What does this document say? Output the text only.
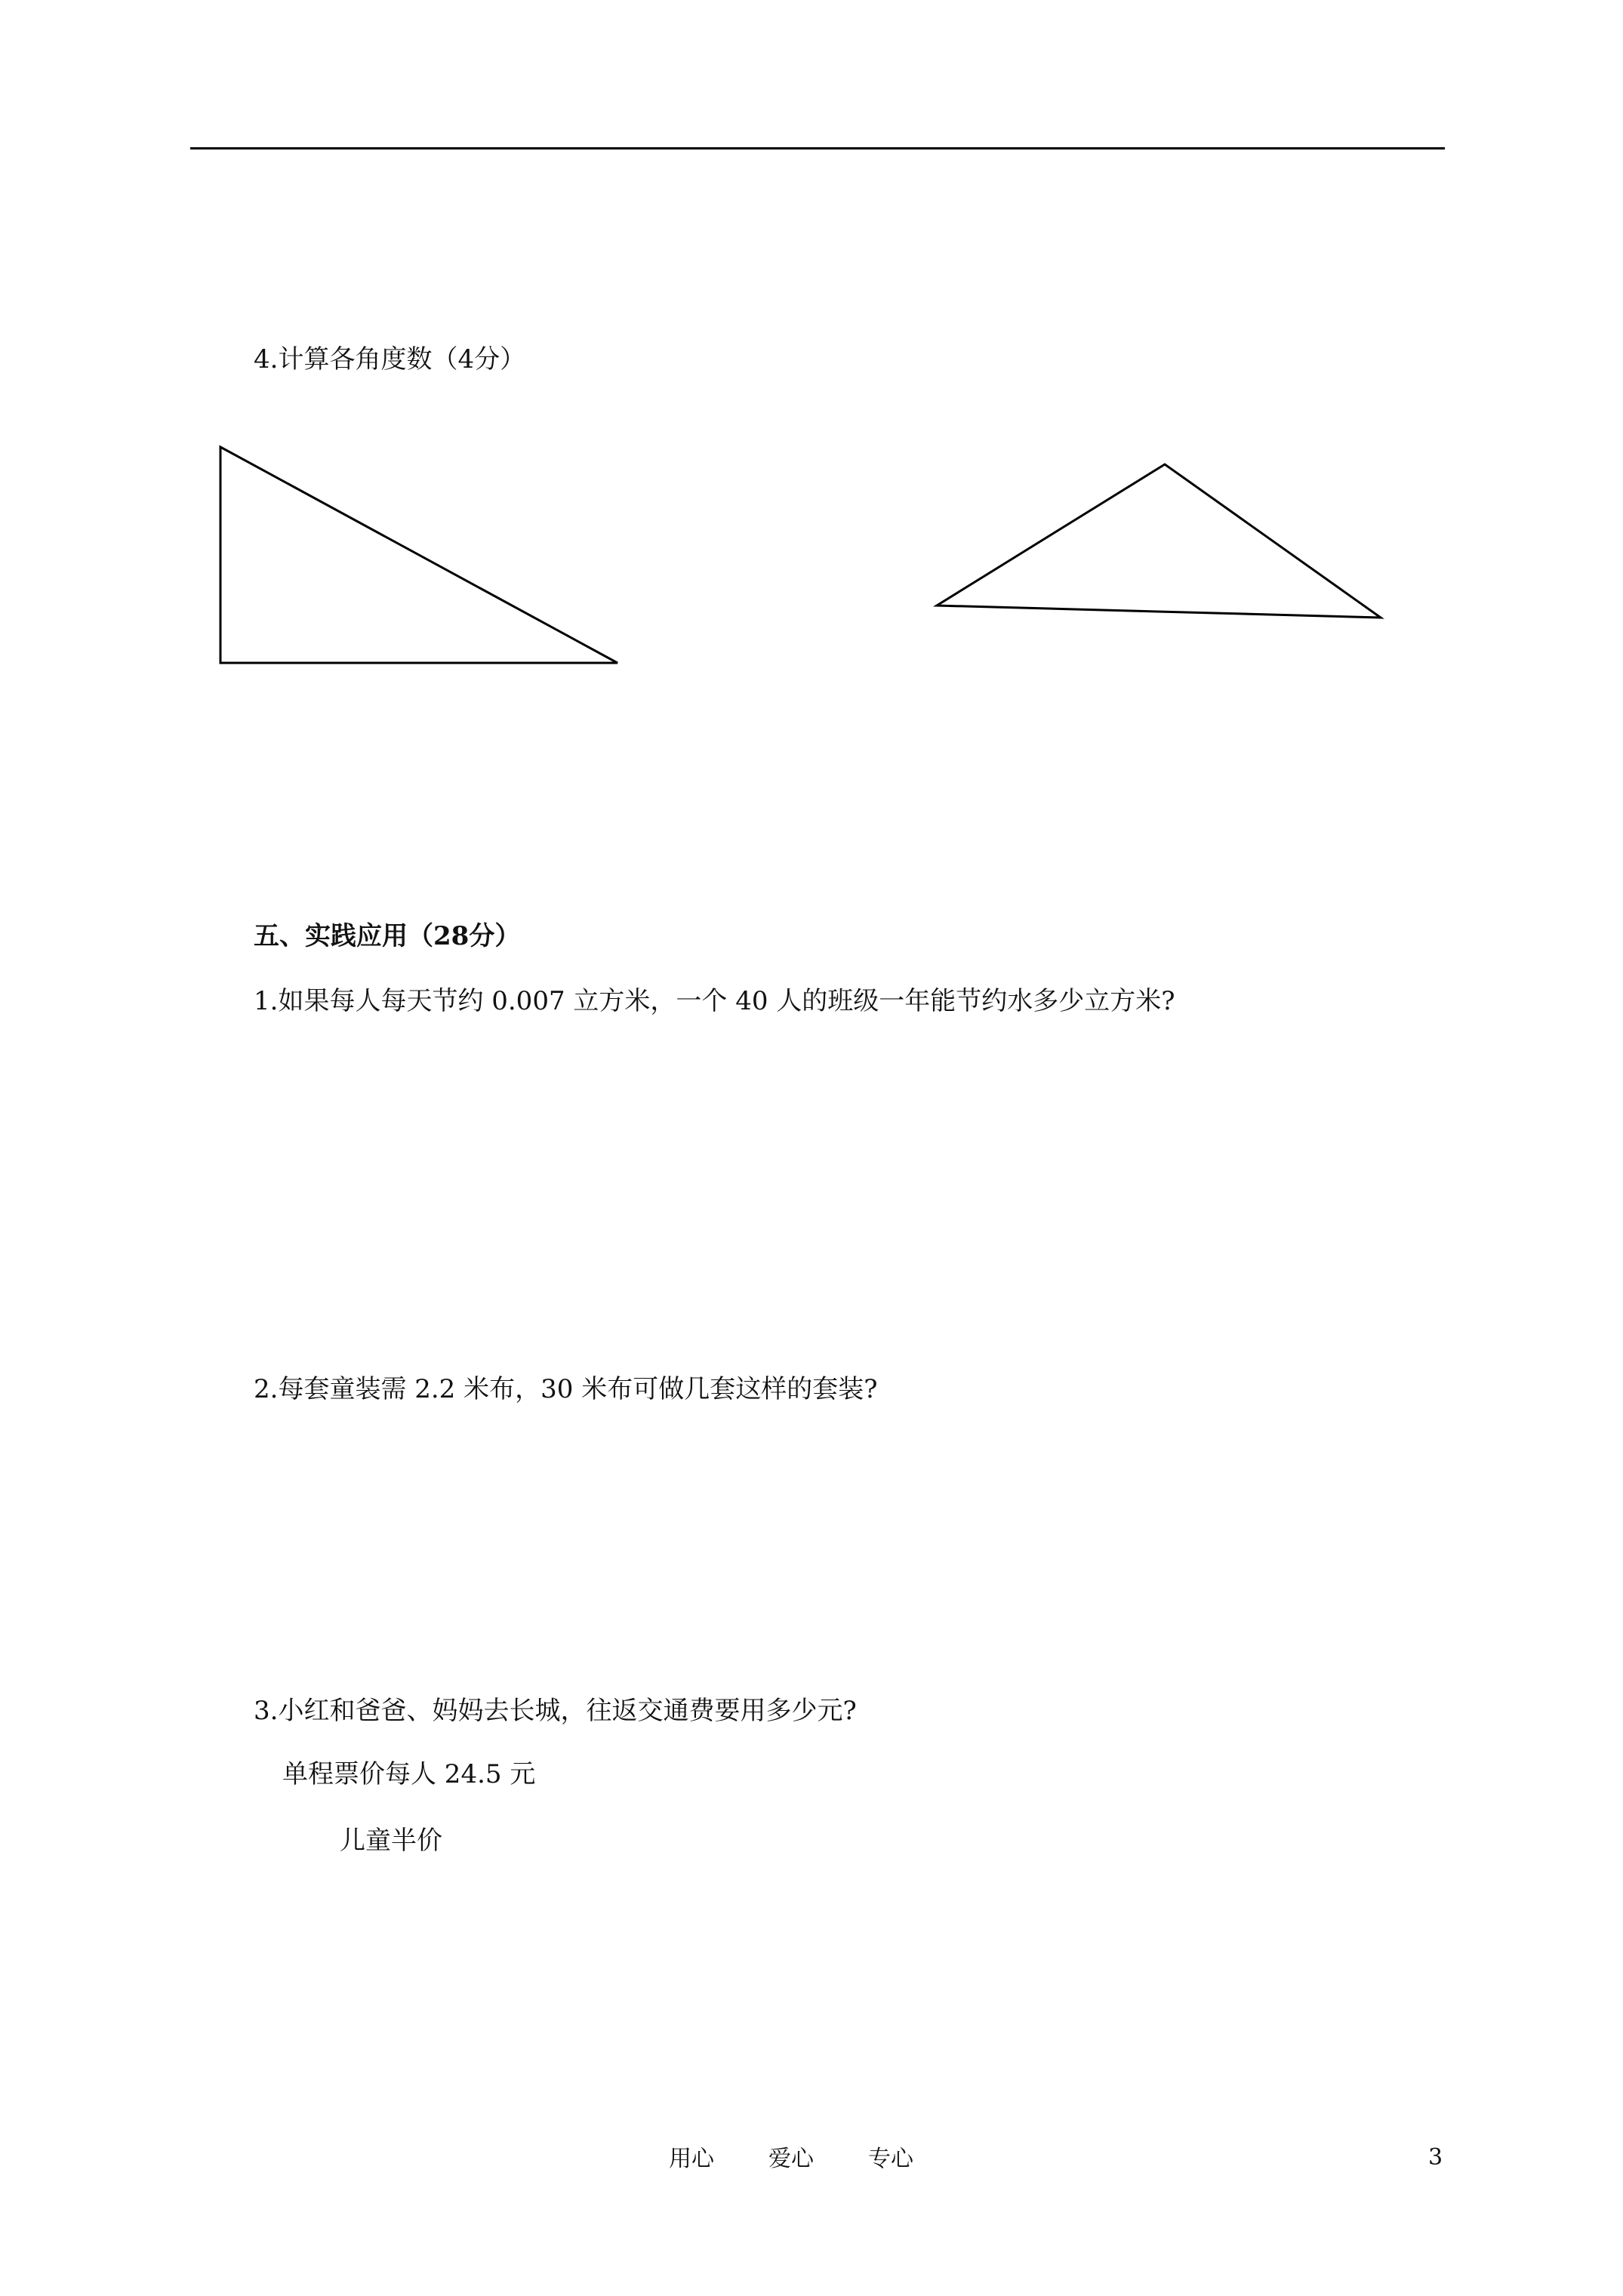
4.计算各角度数（4分）
五、实践应用（28分）
1.如果每人每天节约 0.007 立方米，一个 40 人的班级一年能节约水多少立方米?
2.每套童装需 2.2 米布，30 米布可做几套这样的套装?
3.小红和爸爸、妈妈去长城，往返交通费要用多少元?
单程票价每人 24.5 元
儿童半价
用心 爱心 专心	3
